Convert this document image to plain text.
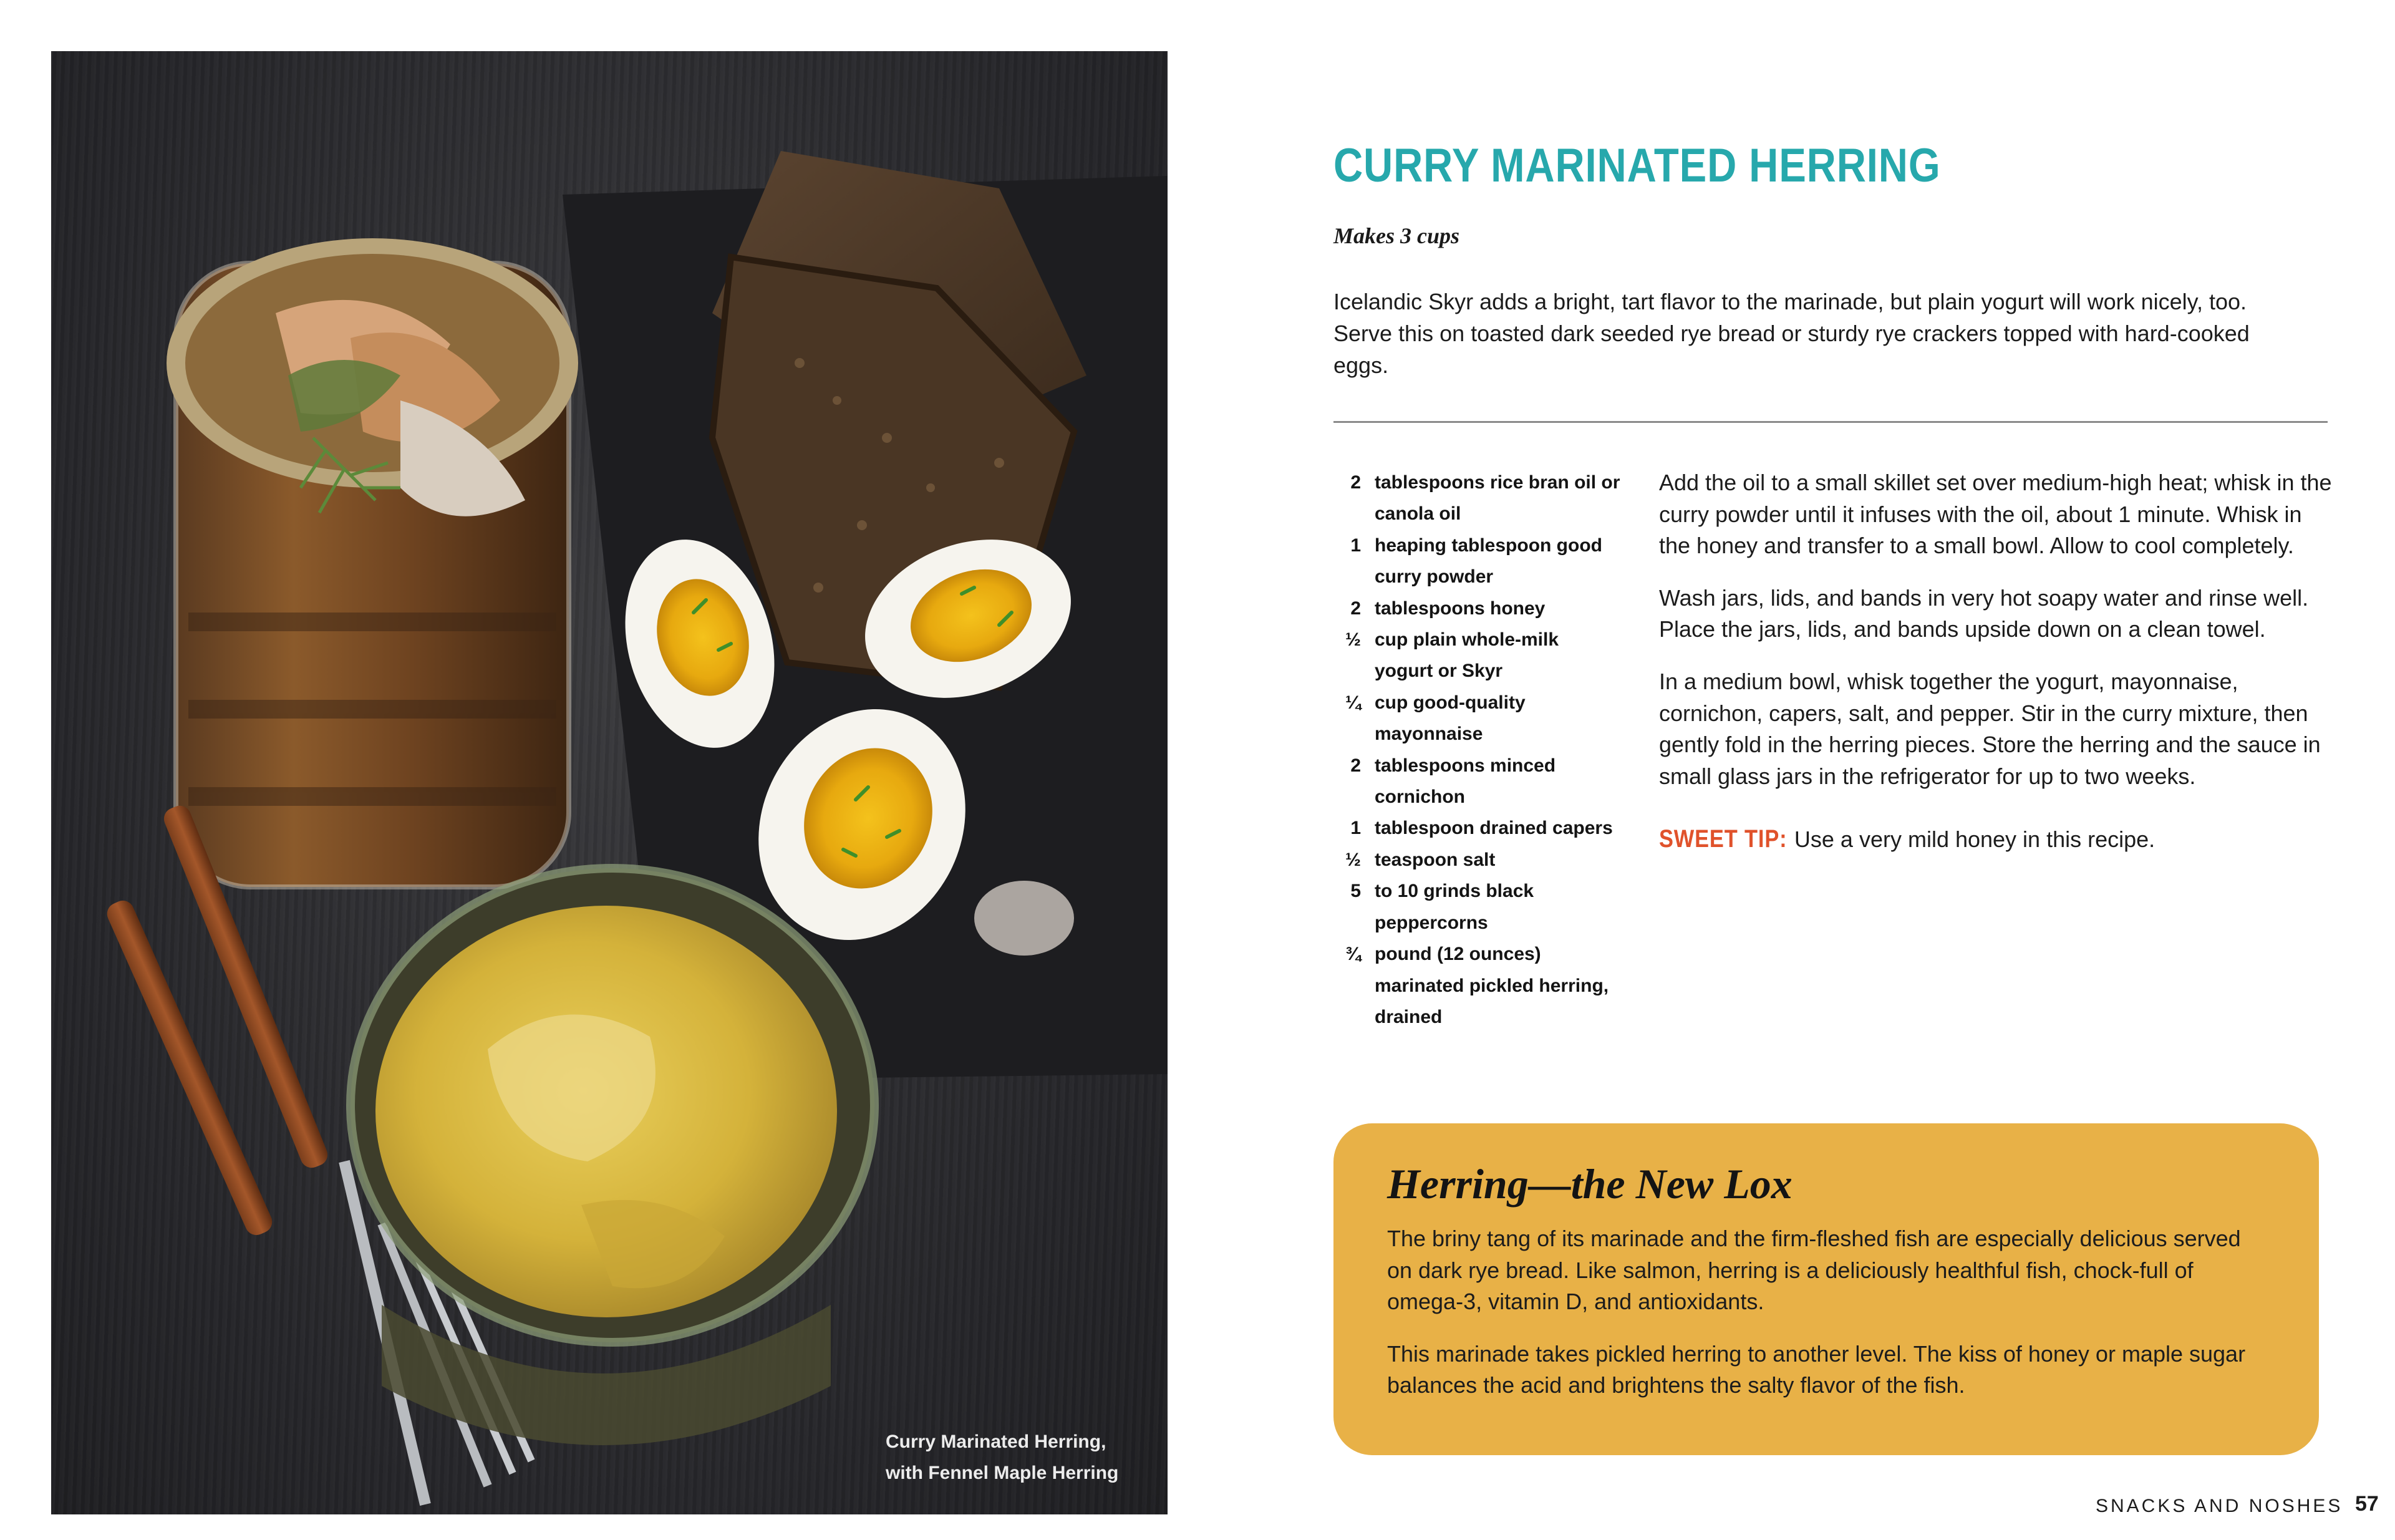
Curry Marinated Herring,
with Fennel Maple Herring
CURRY MARINATED HERRING
Makes 3 cups

Icelandic Skyr adds a bright, tart flavor to the marinade, but plain yogurt will work nicely, too. Serve this on toasted dark seeded rye bread or sturdy rye crackers topped with hard-cooked eggs.

2 tablespoons rice bran oil or canola oil
1 heaping tablespoon good curry powder
2 tablespoons honey
½ cup plain whole-milk yogurt or Skyr
¼ cup good-quality mayonnaise
2 tablespoons minced cornichon
1 tablespoon drained capers
½ teaspoon salt
5 to 10 grinds black peppercorns
¾ pound (12 ounces) marinated pickled herring, drained

Add the oil to a small skillet set over medium-high heat; whisk in the curry powder until it infuses with the oil, about 1 minute. Whisk in the honey and transfer to a small bowl. Allow to cool completely.

Wash jars, lids, and bands in very hot soapy water and rinse well. Place the jars, lids, and bands upside down on a clean towel.

In a medium bowl, whisk together the yogurt, mayonnaise, cornichon, capers, salt, and pepper. Stir in the curry mixture, then gently fold in the herring pieces. Store the herring and the sauce in small glass jars in the refrigerator for up to two weeks.

SWEET TIP: Use a very mild honey in this recipe.

Herring—the New Lox

The briny tang of its marinade and the firm-fleshed fish are especially delicious served on dark rye bread. Like salmon, herring is a deliciously healthful fish, chock-full of omega-3, vitamin D, and antioxidants.

This marinade takes pickled herring to another level. The kiss of honey or maple sugar balances the acid and brightens the salty flavor of the fish.

SNACKS AND NOSHES 57
